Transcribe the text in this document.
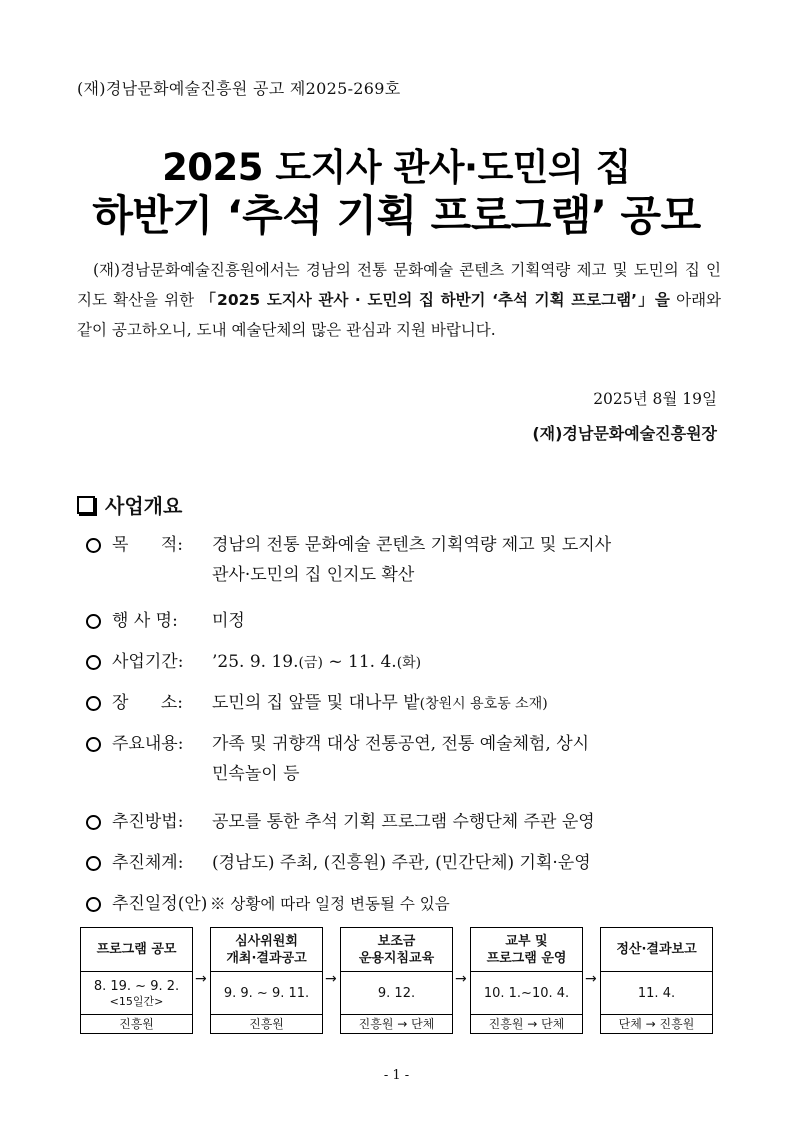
(재)경남문화예술진흥원 공고 제2025-269호
2025 도지사 관사·도민의 집
하반기 ‘추석 기획 프로그램’ 공모

(재)경남문화예술진흥원에서는 경남의 전통 문화예술 콘텐츠 기획역량 제고 및 도민의 집 인지도 확산을 위한 「2025 도지사 관사 · 도민의 집 하반기 ‘추석 기획 프로그램’」을 아래와 같이 공고하오니, 도내 예술단체의 많은 관심과 지원 바랍니다.

2025년 8월 19일
(재)경남문화예술진흥원장
사업개요
목      적: 경남의 전통 문화예술 콘텐츠 기획역량 제고 및 도지사
관사·도민의 집 인지도 확산
행 사 명: 미정
사업기간: ’25. 9. 19.(금) ~ 11. 4.(화)
장      소: 도민의 집 앞뜰 및 대나무 밭(창원시 용호동 소재)
주요내용: 가족 및 귀향객 대상 전통공연, 전통 예술체험, 상시
민속놀이 등
추진방법: 공모를 통한 추석 기획 프로그램 수행단체 주관 운영
추진체계: (경남도) 주최, (진흥원) 주관, (민간단체) 기획·운영
추진일정(안) ※ 상황에 따라 일정 변동될 수 있음
프로그램 공모
8. 19. ~ 9. 2.
<15일간>
진흥원
→
심사위원회
개최·결과공고
9. 9. ~ 9. 11.
진흥원
→
보조금
운용지침교육
9. 12.
진흥원 → 단체
→
교부 및
프로그램 운영
10. 1.~10. 4.
진흥원 → 단체
→
정산·결과보고
11. 4.
단체 → 진흥원
- 1 -
